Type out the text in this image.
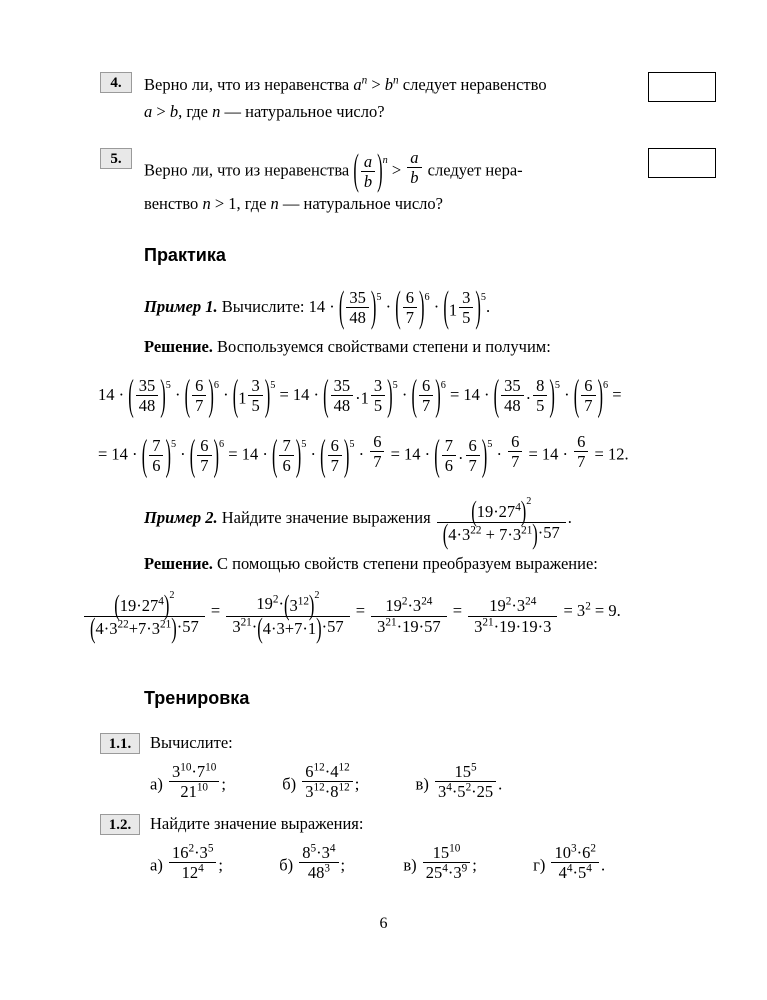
4.	Верно ли, что из неравенства $a^n > b^n$ следует неравенство
a > b, где n — натуральное число?
5.
Верно ли, что из неравенства ( $\frac{a}{b} )^n > \frac{a}{b}$ следует нера-
венство n > 1, где n — натуральное число?
Практика
Пример 1. Вычислите: 14 · ( $\frac{35}{48} )^5$ · ( $\frac{6}{7} )^6 \cdot (1 \frac{3}{5} )^5$.
Решение. Воспользуемся свойствами степени и получим:
14 · ( $\frac{35}{48} )^5$ · ( $\frac{6}{7} )^6 \cdot (1 \frac{3}{5} )^5 = 14$ · ( $\frac{35}{48} \cdot 1 \frac{3}{5} )^5$ · ( $\frac{6}{7} )^6 = 14$ · ( $\frac{35}{48} \cdot \frac{8}{5} )^5$ · ( $\frac{6}{7} )^6$ =
= 14 · ( $\frac{7}{6} )^5$ · ( $\frac{6}{7} )^6 = 14$ · ( $\frac{7}{6} )^5$ · ( $\frac{6}{7} )^5 \cdot \frac{6}{7} = 14$ · ( $\frac{7}{6} \cdot \frac{6}{7} )^5 \cdot \frac{6}{7} = 14 \cdot \frac{6}{7} = 12$.
Пример 2. Найдите значение выражения $\frac{(19\cdot 27^4)^2}{(4\cdot 3^{22} + 7\cdot 3^{21})\cdot 57}$ .
Решение. С помощью свойств степени преобразуем выражение:
$\frac{(19\cdot 27^4)^2}{(4\cdot 3^{22}+7\cdot 3^{21})\cdot 57} = \frac{19^2\cdot(3^{12})^2}{3^{21}\cdot(4\cdot 3+7\cdot 1)\cdot 57} = \frac{19^2\cdot 3^{24}}{3^{21}\cdot 19\cdot 57} = \frac{19^2\cdot 3^{24}}{3^{21}\cdot 19\cdot 19\cdot 3} = 3^2 = 9$.
Тренировка
1.1.	Вычислите:
$а) \frac{3^{10}\cdot 7^{10}}{21^{10}}$ ;	$б) \frac{6^{12}\cdot 4^{12}}{3^{12}\cdot 8^{12}}$ ;	$в) \frac{15^5}{3^4\cdot 5^2\cdot 25}$ .
1.2.	Найдите значение выражения:
$а) \frac{16^2\cdot 3^5}{12^4}$ ;	$б) \frac{8^5\cdot 3^4}{48^3}$ ;	$в) \frac{15^{10}}{25^4\cdot 3^9}$ ;	$г) \frac{10^3\cdot 6^2}{4^4\cdot 5^4}$ .
6
